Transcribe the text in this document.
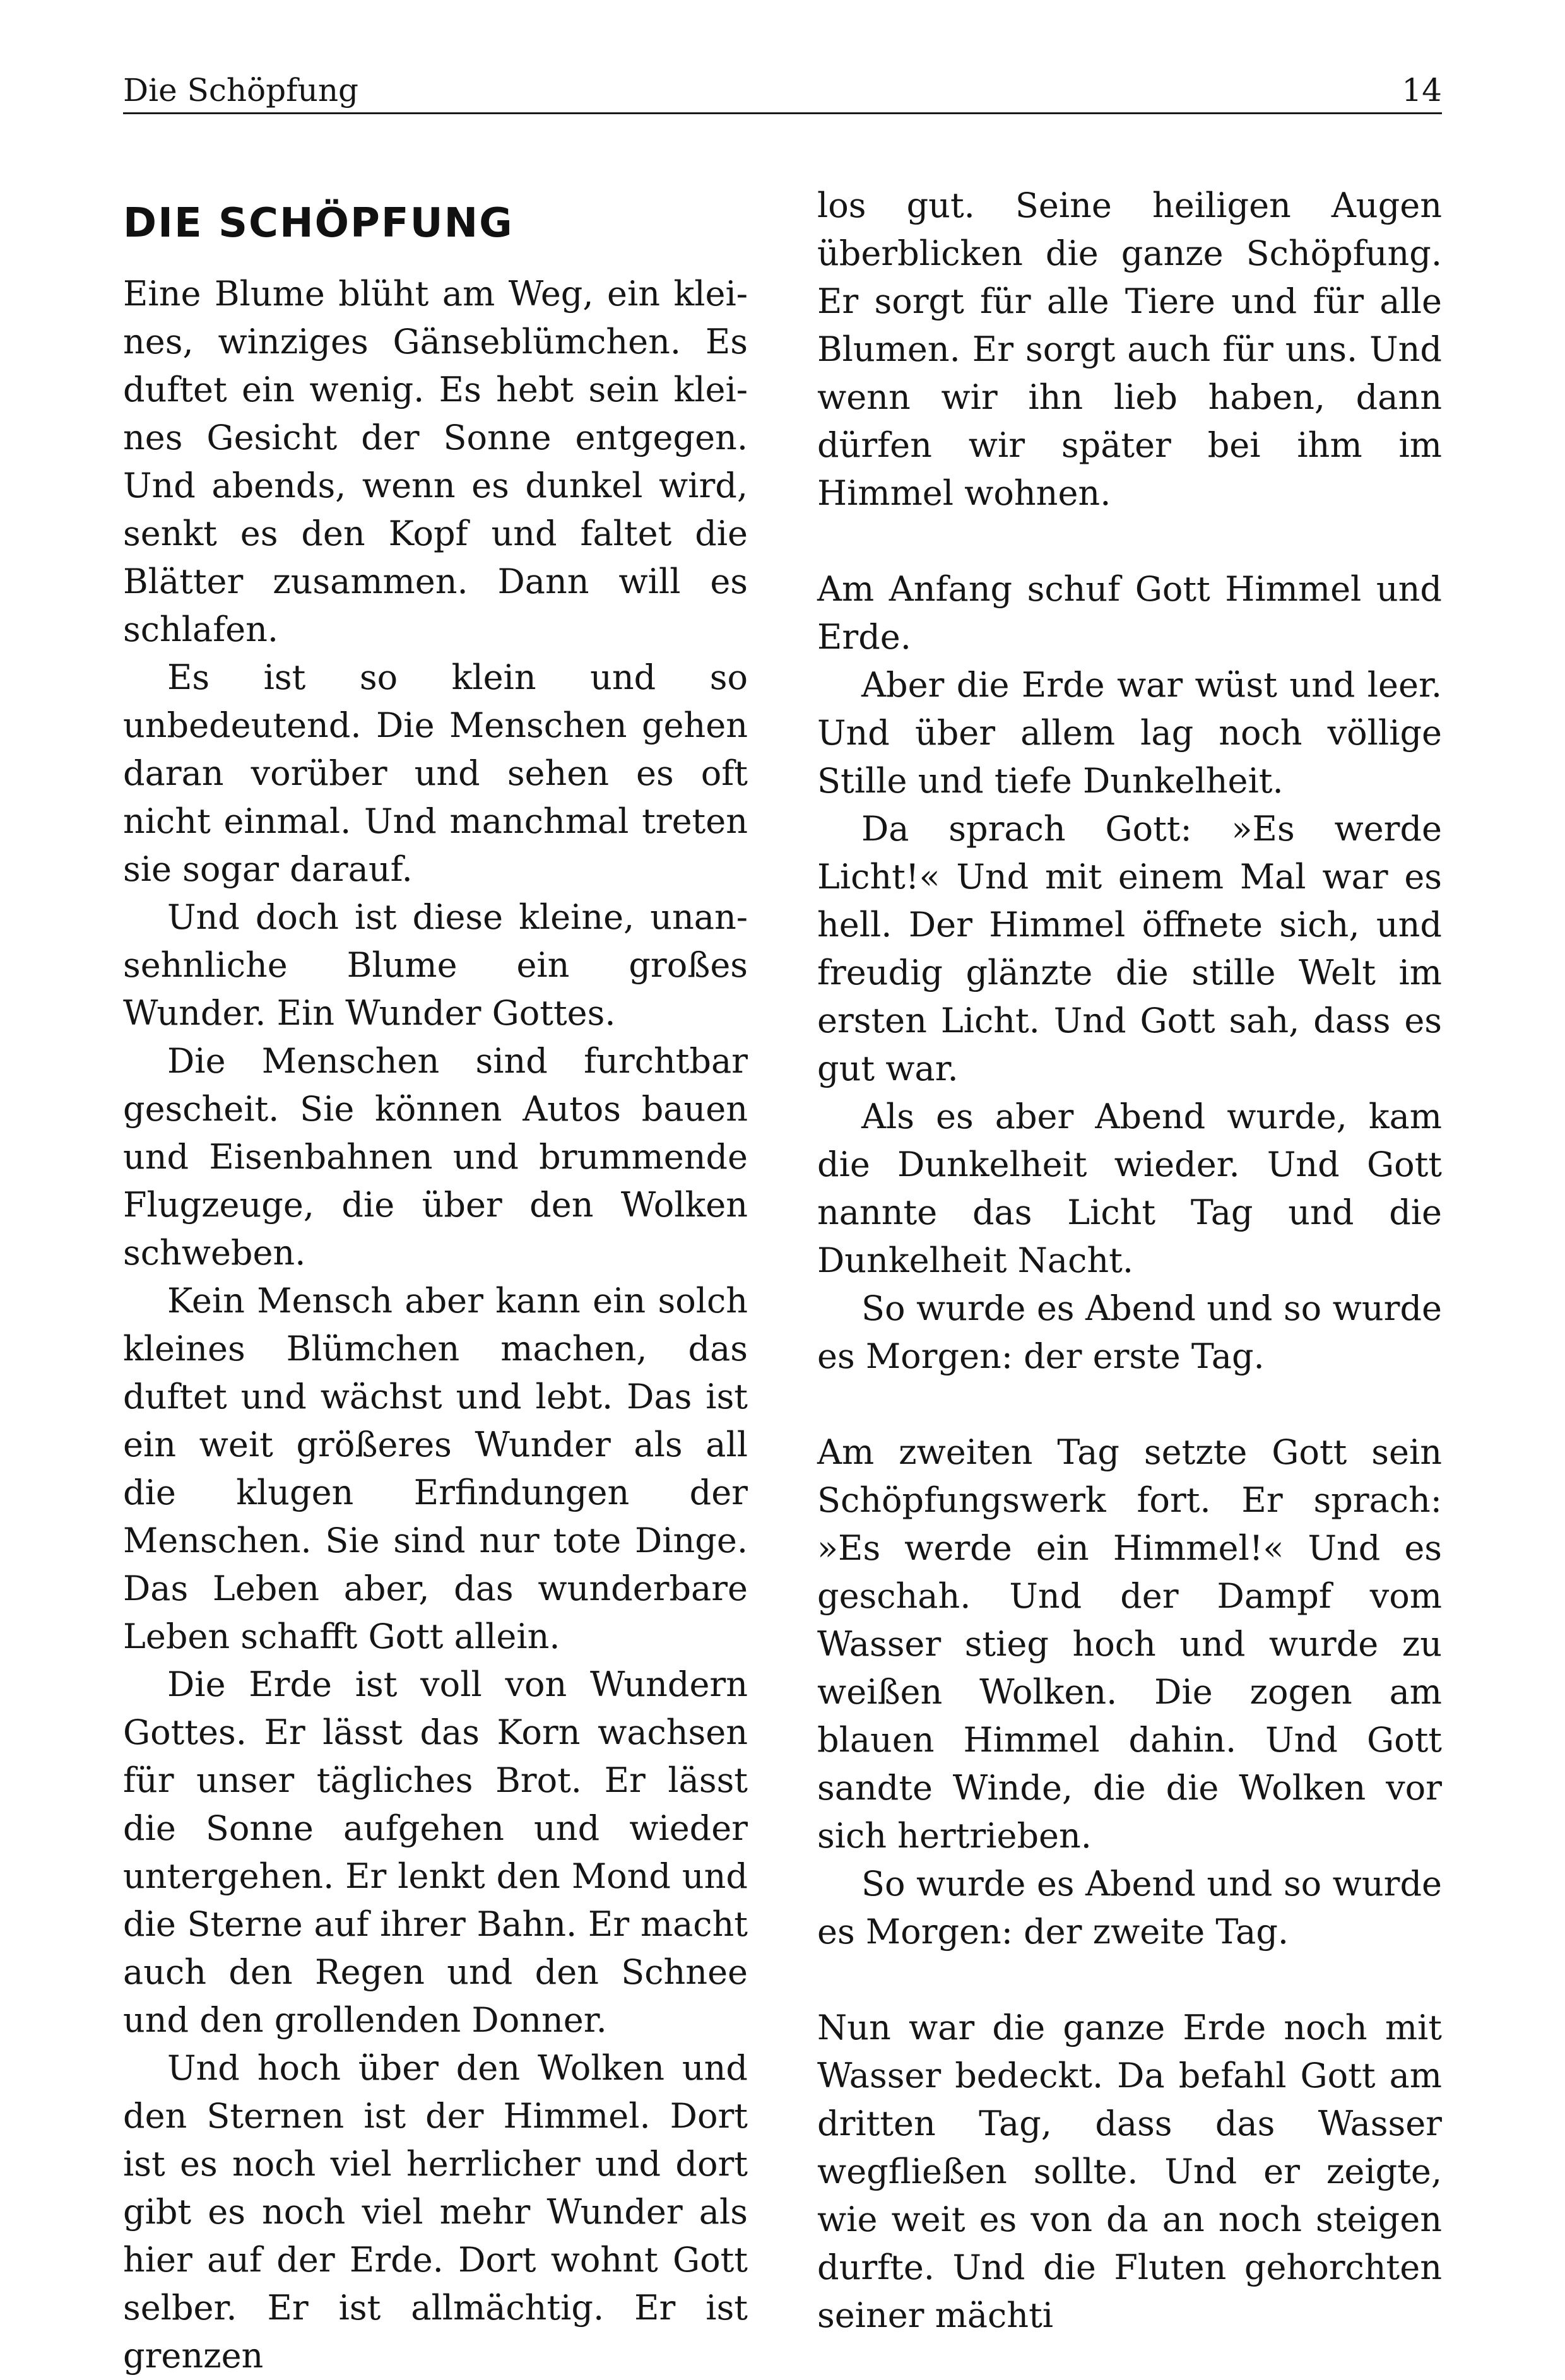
Die Schöpfung	14
DIE SCHÖPFUNG

Eine Blume blüht am Weg, ein kleines, winziges Gänseblümchen. Es duftet ein wenig. Es hebt sein kleines Gesicht der Sonne entgegen. Und abends, wenn es dunkel wird, senkt es den Kopf und faltet die Blätter zusammen. Dann will es schlafen.

Es ist so klein und so unbedeutend. Die Menschen gehen daran vorüber und sehen es oft nicht einmal. Und manchmal treten sie sogar darauf.

Und doch ist diese kleine, unansehnliche Blume ein großes Wunder. Ein Wunder Gottes.

Die Menschen sind furchtbar gescheit. Sie können Autos bauen und Eisenbahnen und brummende Flugzeuge, die über den Wolken schweben.

Kein Mensch aber kann ein solch kleines Blümchen machen, das duftet und wächst und lebt. Das ist ein weit größeres Wunder als all die klugen Erfindungen der Menschen. Sie sind nur tote Dinge. Das Leben aber, das wunderbare Leben schafft Gott allein.

Die Erde ist voll von Wundern Gottes. Er lässt das Korn wachsen für unser tägliches Brot. Er lässt die Sonne aufgehen und wieder untergehen. Er lenkt den Mond und die Sterne auf ihrer Bahn. Er macht auch den Regen und den Schnee und den grollenden Donner.

Und hoch über den Wolken und den Sternen ist der Himmel. Dort ist es noch viel herrlicher und dort gibt es noch viel mehr Wunder als hier auf der Erde. Dort wohnt Gott selber. Er ist allmächtig. Er ist grenzen

los gut. Seine heiligen Augen überblicken die ganze Schöpfung. Er sorgt für alle Tiere und für alle Blumen. Er sorgt auch für uns. Und wenn wir ihn lieb haben, dann dürfen wir später bei ihm im Himmel wohnen.

Am Anfang schuf Gott Himmel und Erde.

Aber die Erde war wüst und leer. Und über allem lag noch völlige Stille und tiefe Dunkelheit.

Da sprach Gott: »Es werde Licht!« Und mit einem Mal war es hell. Der Himmel öffnete sich, und freudig glänzte die stille Welt im ersten Licht. Und Gott sah, dass es gut war.

Als es aber Abend wurde, kam die Dunkelheit wieder. Und Gott nannte das Licht Tag und die Dunkelheit Nacht.

So wurde es Abend und so wurde es Morgen: der erste Tag.

Am zweiten Tag setzte Gott sein Schöpfungswerk fort. Er sprach: »Es werde ein Himmel!« Und es geschah. Und der Dampf vom Wasser stieg hoch und wurde zu weißen Wolken. Die zogen am blauen Himmel dahin. Und Gott sandte Winde, die die Wolken vor sich hertrieben.

So wurde es Abend und so wurde es Morgen: der zweite Tag.

Nun war die ganze Erde noch mit Wasser bedeckt. Da befahl Gott am dritten Tag, dass das Wasser wegfließen sollte. Und er zeigte, wie weit es von da an noch steigen durfte. Und die Fluten gehorchten seiner mächti
